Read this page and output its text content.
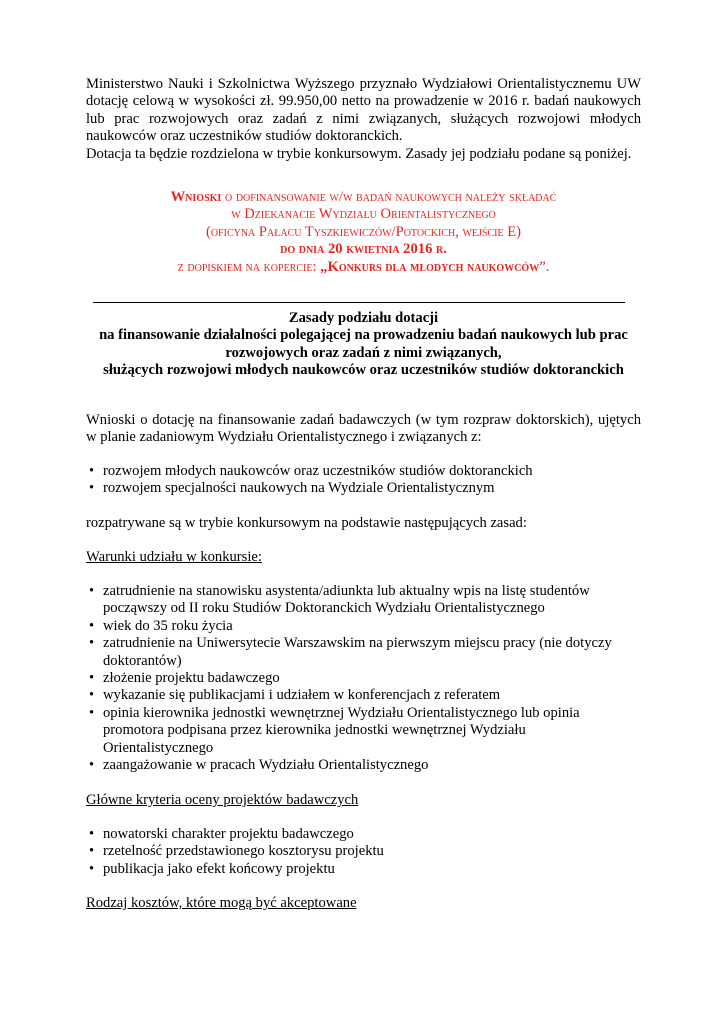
Ministerstwo Nauki i Szkolnictwa Wyższego przyznało Wydziałowi Orientalistycznemu UW dotację celową w wysokości zł. 99.950,00 netto na prowadzenie w 2016 r. badań naukowych lub prac rozwojowych oraz zadań z nimi związanych, służących rozwojowi młodych naukowców oraz uczestników studiów doktoranckich.

Dotacja ta będzie rozdzielona w trybie konkursowym. Zasady jej podziału podane są poniżej.

Wnioski o dofinansowanie w/w badań naukowych należy składać

w Dziekanacie Wydziału Orientalistycznego

(oficyna Pałacu Tyszkiewiczów/Potockich, wejście E)

do dnia 20 kwietnia 2016 r.

z dopiskiem na kopercie: „Konkurs dla młodych naukowców”.

Zasady podziału dotacji

na finansowanie działalności polegającej na prowadzeniu badań naukowych lub prac

rozwojowych oraz zadań z nimi związanych,

służących rozwojowi młodych naukowców oraz uczestników studiów doktoranckich

Wnioski o dotację na finansowanie zadań badawczych (w tym rozpraw doktorskich), ujętych w planie zadaniowym Wydziału Orientalistycznego i związanych z:
• rozwojem młodych naukowców oraz uczestników studiów doktoranckich
• rozwojem specjalności naukowych na Wydziale Orientalistycznym
rozpatrywane są w trybie konkursowym na podstawie następujących zasad:
Warunki udziału w konkursie:
• zatrudnienie na stanowisku asystenta/adiunkta lub aktualny wpis na listę studentów począwszy od II roku Studiów Doktoranckich Wydziału Orientalistycznego
• wiek do 35 roku życia
• zatrudnienie na Uniwersytecie Warszawskim na pierwszym miejscu pracy (nie dotyczy doktorantów)
• złożenie projektu badawczego
• wykazanie się publikacjami i udziałem w konferencjach z referatem
• opinia kierownika jednostki wewnętrznej Wydziału Orientalistycznego lub opinia promotora podpisana przez kierownika jednostki wewnętrznej Wydziału Orientalistycznego
• zaangażowanie w pracach Wydziału Orientalistycznego
Główne kryteria oceny projektów badawczych
• nowatorski charakter projektu badawczego
• rzetelność przedstawionego kosztorysu projektu
• publikacja jako efekt końcowy projektu
Rodzaj kosztów, które mogą być akceptowane
